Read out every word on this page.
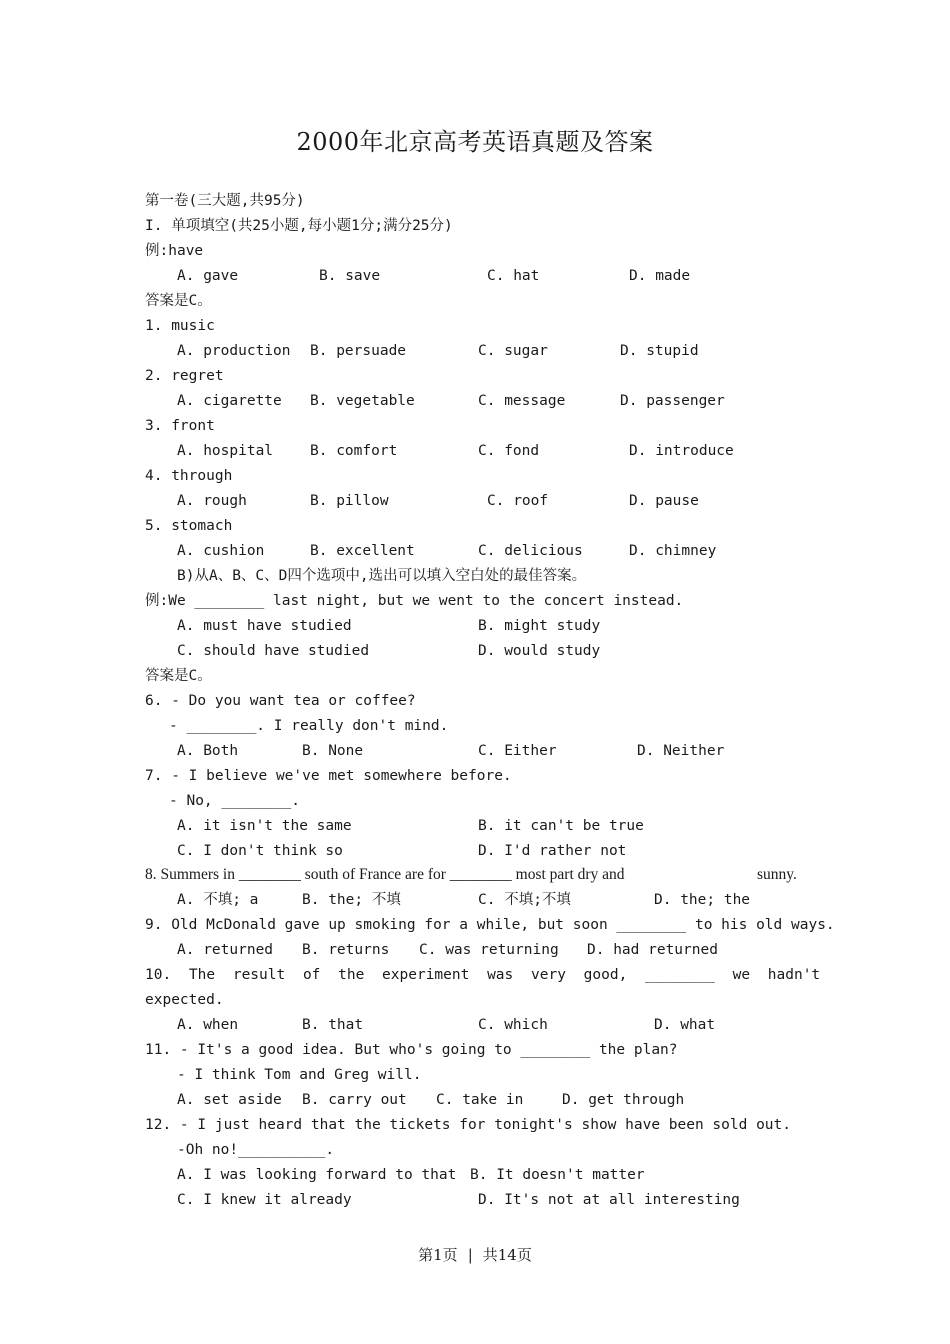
2000年北京高考英语真题及答案
第一卷(三大题,共95分)
I. 单项填空(共25小题,每小题1分;满分25分)
例:have
A. gave	B. save	C. hat	D. made
答案是C。
1. music
A. production B. persuade	C. sugar	D. stupid
2. regret
A. cigarette B. vegetable	C. message	D. passenger
3. front
A. hospital	B. comfort	C. fond	D. introduce
4. through
A. rough	B. pillow	C. roof	D. pause
5. stomach
A. cushion	B. excellent	C. delicious	D. chimney
B)从A、B、C、D四个选项中,选出可以填入空白处的最佳答案。
例:We ________ last night, but we went to the concert instead.
A. must have studied	B. might study
C. should have studied	D. would study
答案是C。
6. - Do you want tea or coffee?
- ________. I really don't mind.
A. Both	B. None	C. Either	D. Neither
7. - I believe we've met somewhere before.
- No, ________.
A. it isn't the same	B. it can't be true
C. I don't think so	D. I'd rather not
8. Summers in ________ south of France are for ________ most part dry and	sunny.
A. 不填; a	B. the; 不填	C. 不填;不填	D. the; the
9. Old McDonald gave up smoking for a while, but soon ________ to his old ways.
A. returned B. returns C. was returning D. had returned
10. The result of the experiment was very good, ________ we hadn't
expected.
A. when	B. that	C. which	D. what
11. - It's a good idea. But who's going to ________ the plan?
- I think Tom and Greg will.
A. set aside B. carry out C. take in	D. get through
12. - I just heard that the tickets for tonight's show have been sold out.
-Oh no!__________.
A. I was looking forward to that B. It doesn't matter
C. I knew it already	D. It's not at all interesting
第1页 | 共14页
